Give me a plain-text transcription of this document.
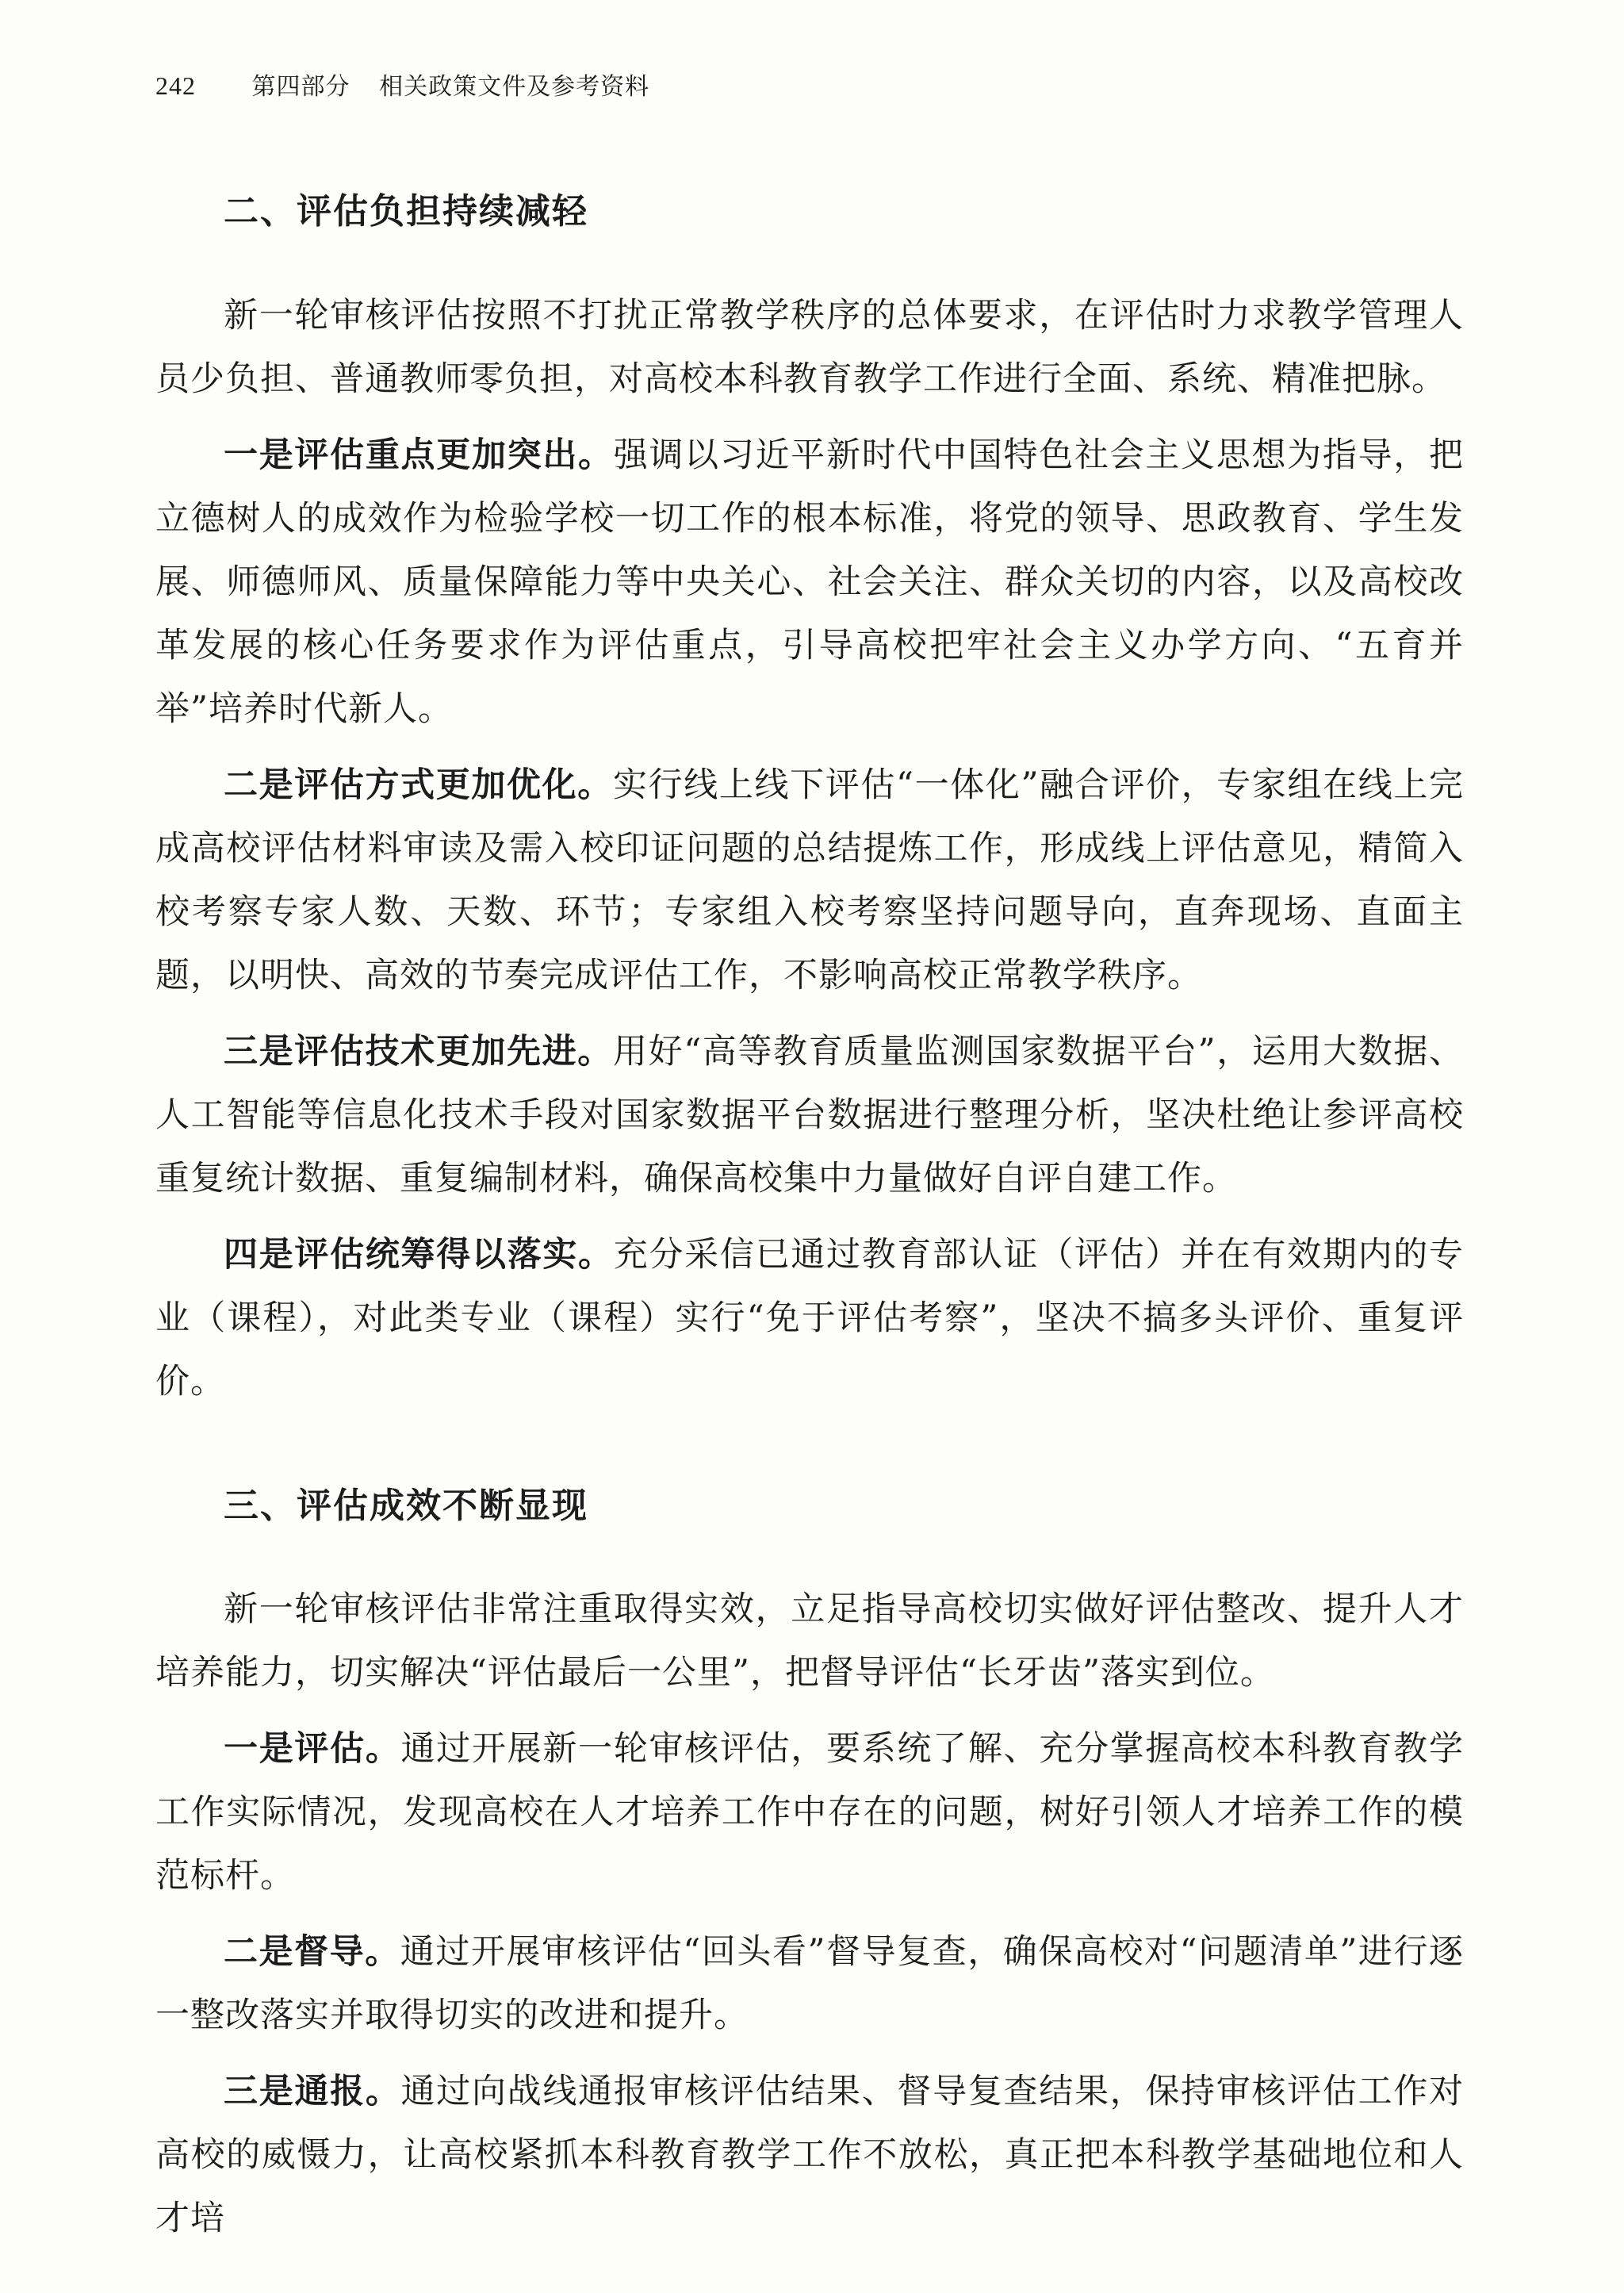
242 第四部分 相关政策文件及参考资料
二、评估负担持续减轻

新一轮审核评估按照不打扰正常教学秩序的总体要求，在评估时力求教学管理人员少负担、普通教师零负担，对高校本科教育教学工作进行全面、系统、精准把脉。

一是评估重点更加突出。强调以习近平新时代中国特色社会主义思想为指导，把立德树人的成效作为检验学校一切工作的根本标准，将党的领导、思政教育、学生发展、师德师风、质量保障能力等中央关心、社会关注、群众关切的内容，以及高校改革发展的核心任务要求作为评估重点，引导高校把牢社会主义办学方向、“五育并举”培养时代新人。

二是评估方式更加优化。实行线上线下评估“一体化”融合评价，专家组在线上完成高校评估材料审读及需入校印证问题的总结提炼工作，形成线上评估意见，精简入校考察专家人数、天数、环节；专家组入校考察坚持问题导向，直奔现场、直面主题，以明快、高效的节奏完成评估工作，不影响高校正常教学秩序。

三是评估技术更加先进。用好“高等教育质量监测国家数据平台”，运用大数据、人工智能等信息化技术手段对国家数据平台数据进行整理分析，坚决杜绝让参评高校重复统计数据、重复编制材料，确保高校集中力量做好自评自建工作。

四是评估统筹得以落实。充分采信已通过教育部认证（评估）并在有效期内的专业（课程），对此类专业（课程）实行“免于评估考察”，坚决不搞多头评价、重复评价。

三、评估成效不断显现

新一轮审核评估非常注重取得实效，立足指导高校切实做好评估整改、提升人才培养能力，切实解决“评估最后一公里”，把督导评估“长牙齿”落实到位。

一是评估。通过开展新一轮审核评估，要系统了解、充分掌握高校本科教育教学工作实际情况，发现高校在人才培养工作中存在的问题，树好引领人才培养工作的模范标杆。

二是督导。通过开展审核评估“回头看”督导复查，确保高校对“问题清单”进行逐一整改落实并取得切实的改进和提升。

三是通报。通过向战线通报审核评估结果、督导复查结果，保持审核评估工作对高校的威慑力，让高校紧抓本科教育教学工作不放松，真正把本科教学基础地位和人才培
